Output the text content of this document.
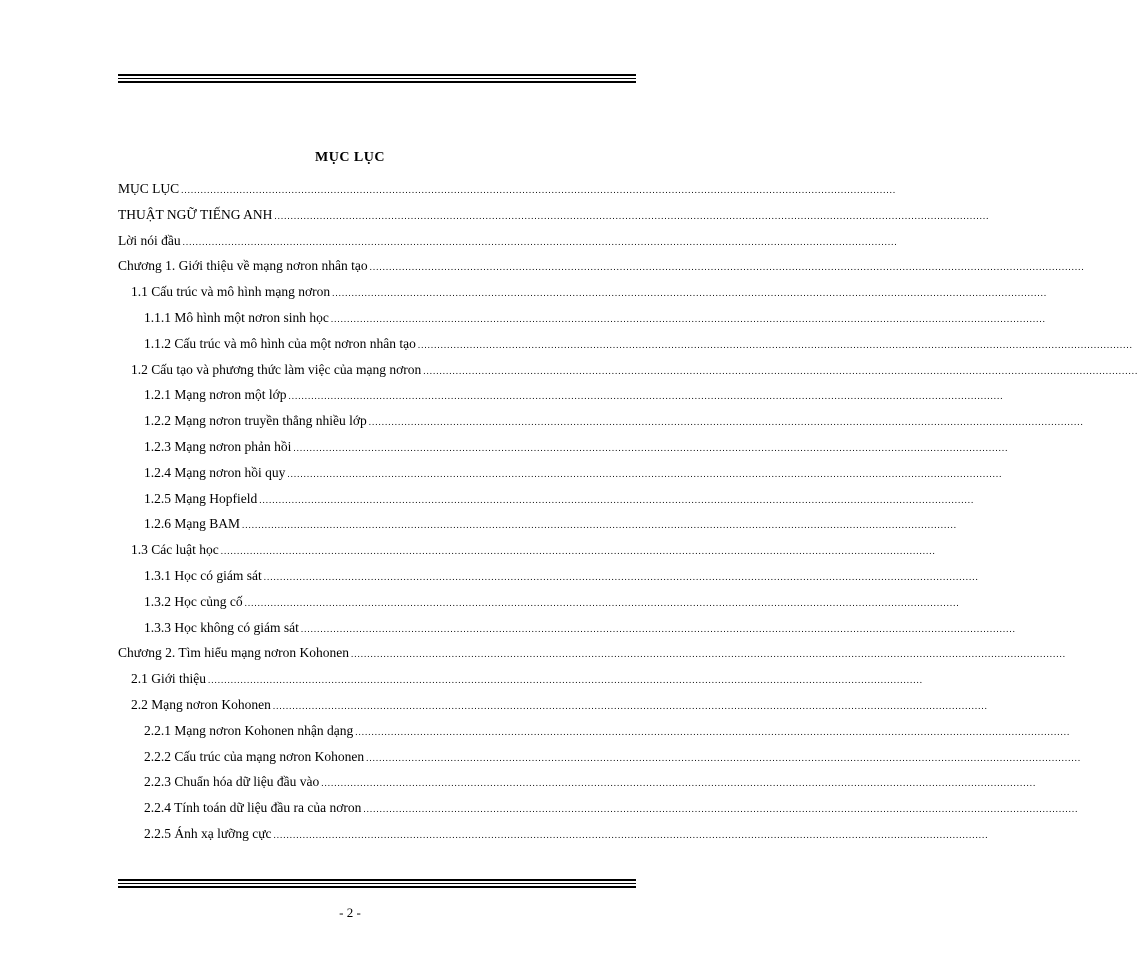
MỤC LỤC
MỤC LỤC ............................................................................................................................................................................................................................
THUẬT NGỮ TIẾNG ANH ............................................................................................................................................................................................................................
Lời nói đầu ............................................................................................................................................................................................................................
Chương 1. Giới thiệu về mạng nơron nhân tạo ............................................................................................................................................................................................................................
1.1 Cấu trúc và mô hình mạng nơron ............................................................................................................................................................................................................................
1.1.1 Mô hình một nơron sinh học ............................................................................................................................................................................................................................
1.1.2 Cấu trúc và mô hình của một nơron nhân tạo ............................................................................................................................................................................................................................
1.2 Cấu tạo và phương thức làm việc của mạng nơron ............................................................................................................................................................................................................................
1.2.1 Mạng nơron một lớp ............................................................................................................................................................................................................................
1.2.2 Mạng nơron truyền thẳng nhiều lớp ............................................................................................................................................................................................................................
1.2.3 Mạng nơron phản hồi ............................................................................................................................................................................................................................
1.2.4 Mạng nơron hồi quy ............................................................................................................................................................................................................................
1.2.5 Mạng Hopfield ............................................................................................................................................................................................................................
1.2.6 Mạng BAM ............................................................................................................................................................................................................................
1.3 Các luật học ............................................................................................................................................................................................................................
1.3.1 Học có giám sát ............................................................................................................................................................................................................................
1.3.2 Học củng cố ............................................................................................................................................................................................................................
1.3.3 Học không có giám sát ............................................................................................................................................................................................................................
Chương 2. Tìm hiểu mạng nơron Kohonen ............................................................................................................................................................................................................................
2.1 Giới thiệu ............................................................................................................................................................................................................................
2.2 Mạng nơron Kohonen ............................................................................................................................................................................................................................
2.2.1 Mạng nơron Kohonen nhận dạng ............................................................................................................................................................................................................................
2.2.2 Cấu trúc của mạng nơron Kohonen ............................................................................................................................................................................................................................
2.2.3 Chuẩn hóa dữ liệu đầu vào ............................................................................................................................................................................................................................
2.2.4 Tính toán dữ liệu đầu ra của nơron ............................................................................................................................................................................................................................
2.2.5 Ánh xạ lưỡng cực ............................................................................................................................................................................................................................
- 2 -
